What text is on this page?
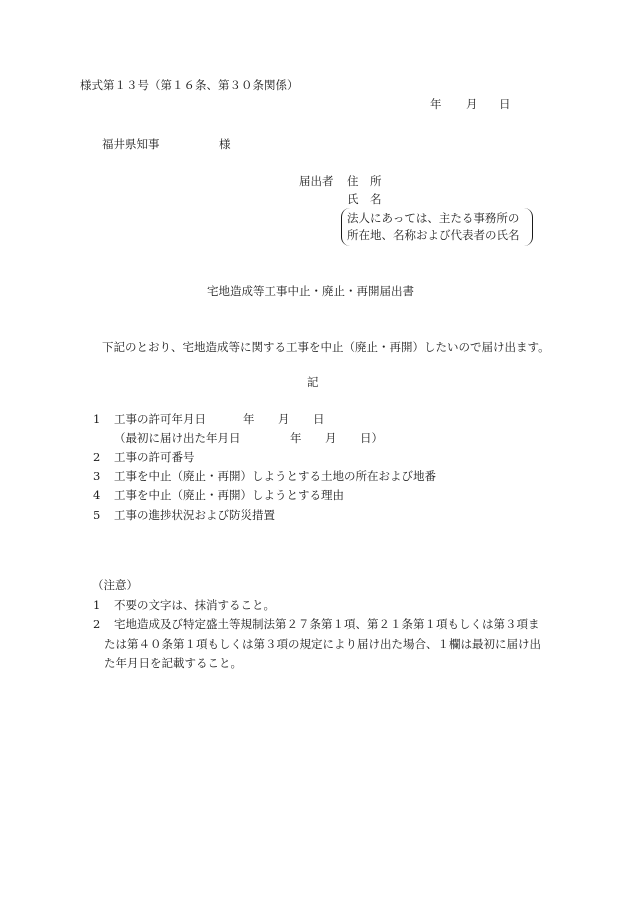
様式第１３号（第１６条、第３０条関係）
年 月 日
福井県知事	様
届出者 住　所
氏　名
法人にあっては、主たる事務所の
所在地、名称および代表者の氏名
宅地造成等工事中止・廃止・再開届出書
下記のとおり、宅地造成等に関する工事を中止（廃止・再開）したいので届け出ます。
記
1 工事の許可年月日	年 月 日
（最初に届け出た年月日	年 月 日）
2 工事の許可番号
3 工事を中止（廃止・再開）しようとする土地の所在および地番
4 工事を中止（廃止・再開）しようとする理由
5 工事の進捗状況および防災措置
（注意）
1 不要の文字は、抹消すること。
2 宅地造成及び特定盛土等規制法第２７条第１項、第２１条第１項もしくは第３項ま
たは第４０条第１項もしくは第３項の規定により届け出た場合、１欄は最初に届け出
た年月日を記載すること。
